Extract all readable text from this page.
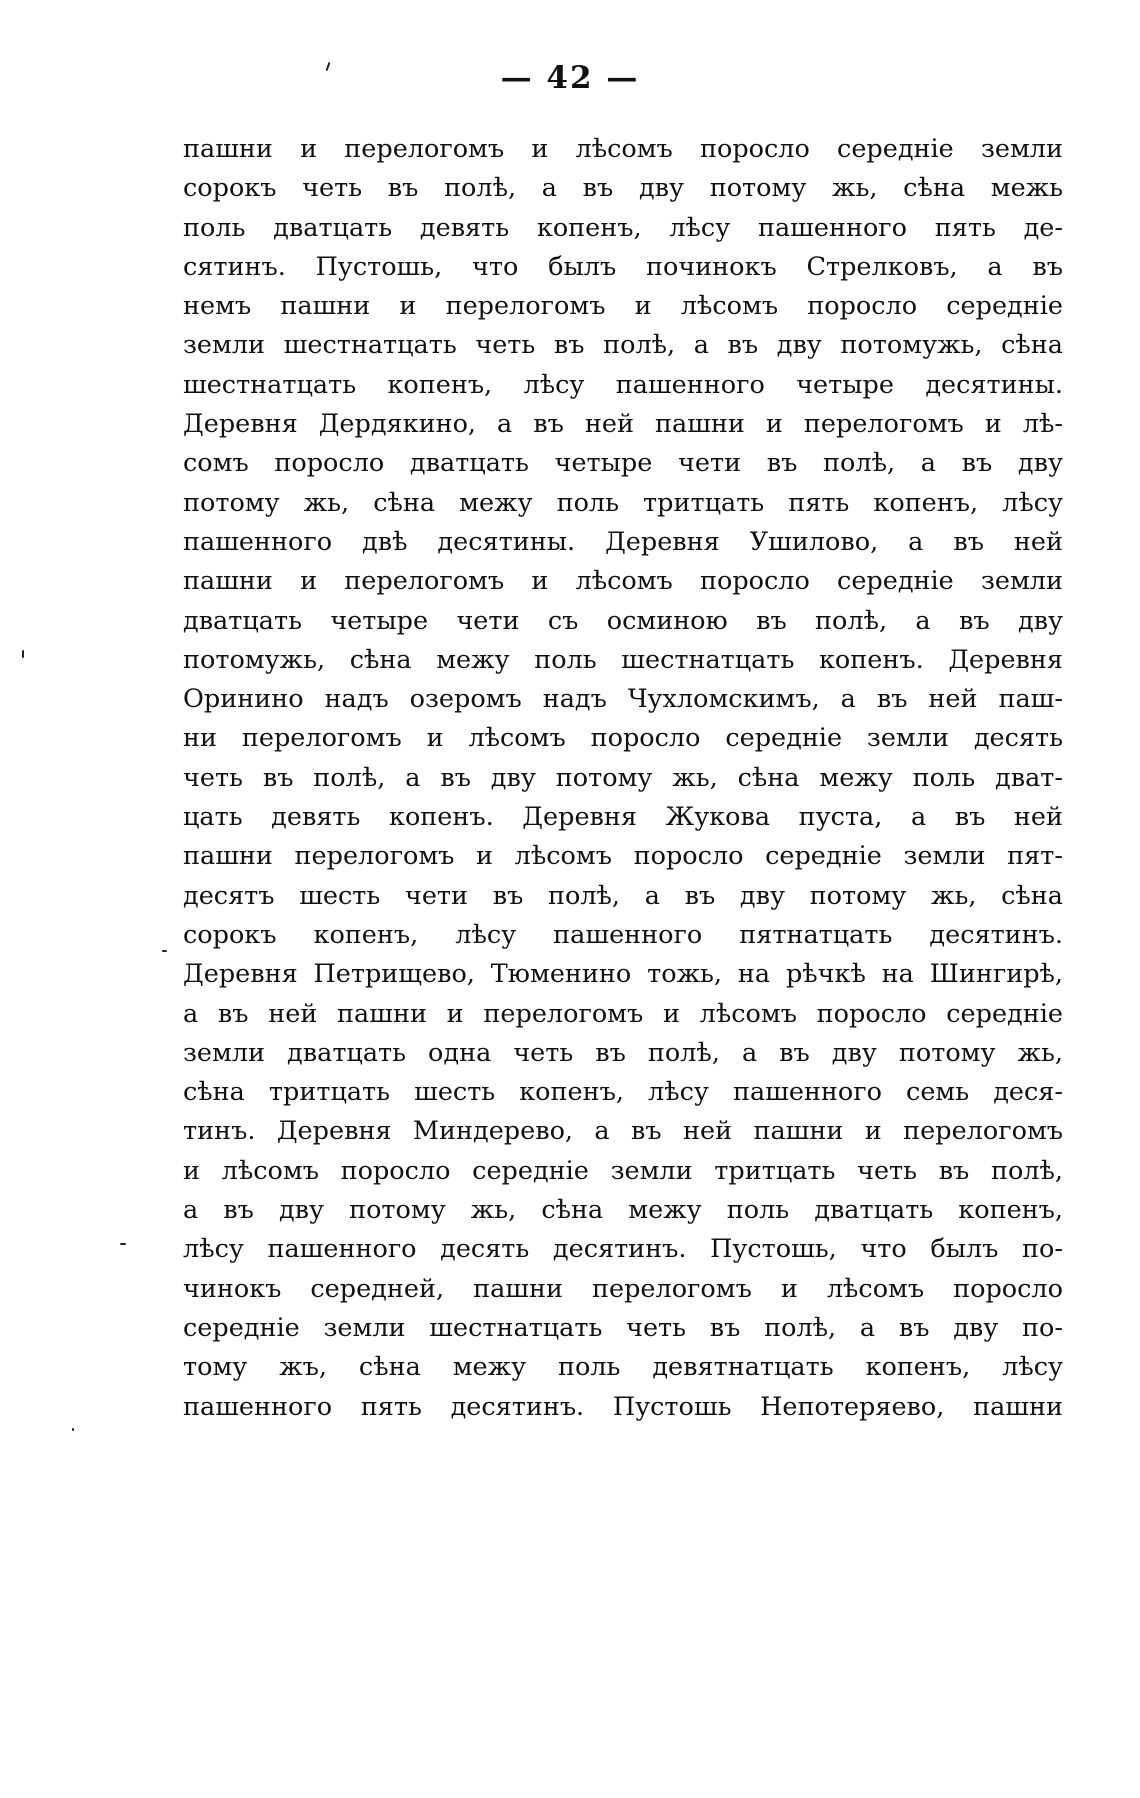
— 42 —
пашни и перелогомъ и лѣсомъ поросло середніе земли
сорокъ четь въ полѣ, а въ дву потому жь, сѣна межь
поль дватцать девять копенъ, лѣсу пашенного пять де-
сятинъ. Пустошь, что былъ починокъ Стрелковъ, а въ
немъ пашни и перелогомъ и лѣсомъ поросло середніе
земли шестнатцать четь въ полѣ, а въ дву потомужь, сѣна
шестнатцать копенъ, лѣсу пашенного четыре десятины.
Деревня Дердякино, а въ ней пашни и перелогомъ и лѣ-
сомъ поросло дватцать четыре чети въ полѣ, а въ дву
потому жь, сѣна межу поль тритцать пять копенъ, лѣсу
пашенного двѣ десятины. Деревня Ушилово, а въ ней
пашни и перелогомъ и лѣсомъ поросло середніе земли
дватцать четыре чети съ осминою въ полѣ, а въ дву
потомужь, сѣна межу поль шестнатцать копенъ. Деревня
Оринино надъ озеромъ надъ Чухломскимъ, а въ ней паш-
ни перелогомъ и лѣсомъ поросло середніе земли десять
четь въ полѣ, а въ дву потому жь, сѣна межу поль дват-
цать девять копенъ. Деревня Жукова пуста, а въ ней
пашни перелогомъ и лѣсомъ поросло середніе земли пят-
десятъ шесть чети въ полѣ, а въ дву потому жь, сѣна
сорокъ копенъ, лѣсу пашенного пятнатцать десятинъ.
Деревня Петрищево, Тюменино тожь, на рѣчкѣ на Шингирѣ,
а въ ней пашни и перелогомъ и лѣсомъ поросло середніе
земли дватцать одна четь въ полѣ, а въ дву потому жь,
сѣна тритцать шесть копенъ, лѣсу пашенного семь деся-
тинъ. Деревня Миндерево, а въ ней пашни и перелогомъ
и лѣсомъ поросло середніе земли тритцать четь въ полѣ,
а въ дву потому жь, сѣна межу поль дватцать копенъ,
лѣсу пашенного десять десятинъ. Пустошь, что былъ по-
чинокъ середней, пашни перелогомъ и лѣсомъ поросло
середніе земли шестнатцать четь въ полѣ, а въ дву по-
тому жъ, сѣна межу поль девятнатцать копенъ, лѣсу
пашенного пять десятинъ. Пустошь Непотеряево, пашни
